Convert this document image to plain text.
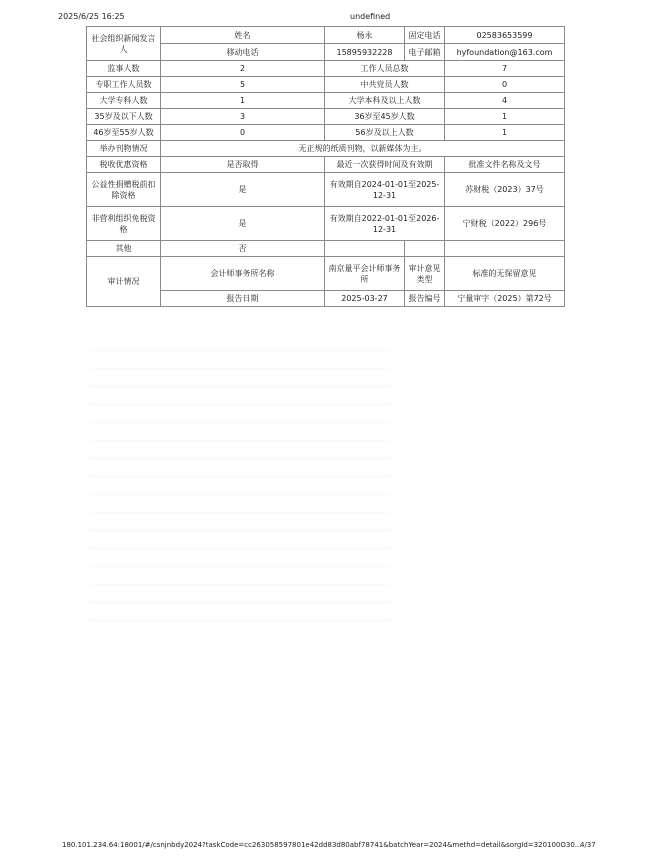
2025/6/25 16:25	undefined
社会组织新闻发言人	姓名	杨永	固定电话	02583653599
	移动电话	15895932228	电子邮箱	hyfoundation@163.com
监事人数	2	工作人员总数		7
专职工作人员数	5	中共党员人数		0
大学专科人数	1	大学本科及以上人数		4
35岁及以下人数	3	36岁至45岁人数		1
46岁至55岁人数	0	56岁及以上人数		1
举办刊物情况	无正规的纸质刊物，以新媒体为主。			
税收优惠资格	是否取得	最近一次获得时间及有效期		批准文件名称及文号
公益性捐赠税前扣除资格	是	有效期自2024-01-01至2025-12-31		苏财税（2023）37号
非营利组织免税资格	是	有效期自2022-01-01至2026-12-31		宁财税（2022）296号
其他	否			
审计情况	会计师事务所名称	南京量平会计师事务所	审计意见类型	标准的无保留意见
	报告日期	2025-03-27	报告编号	宁量审字（2025）第72号
180.101.234.64:18001/#/csnjnbdy2024?taskCode=cc263058597801e42dd83d80abf78741&batchYear=2024&methd=detail&sorgId=320100O30...
4/37
